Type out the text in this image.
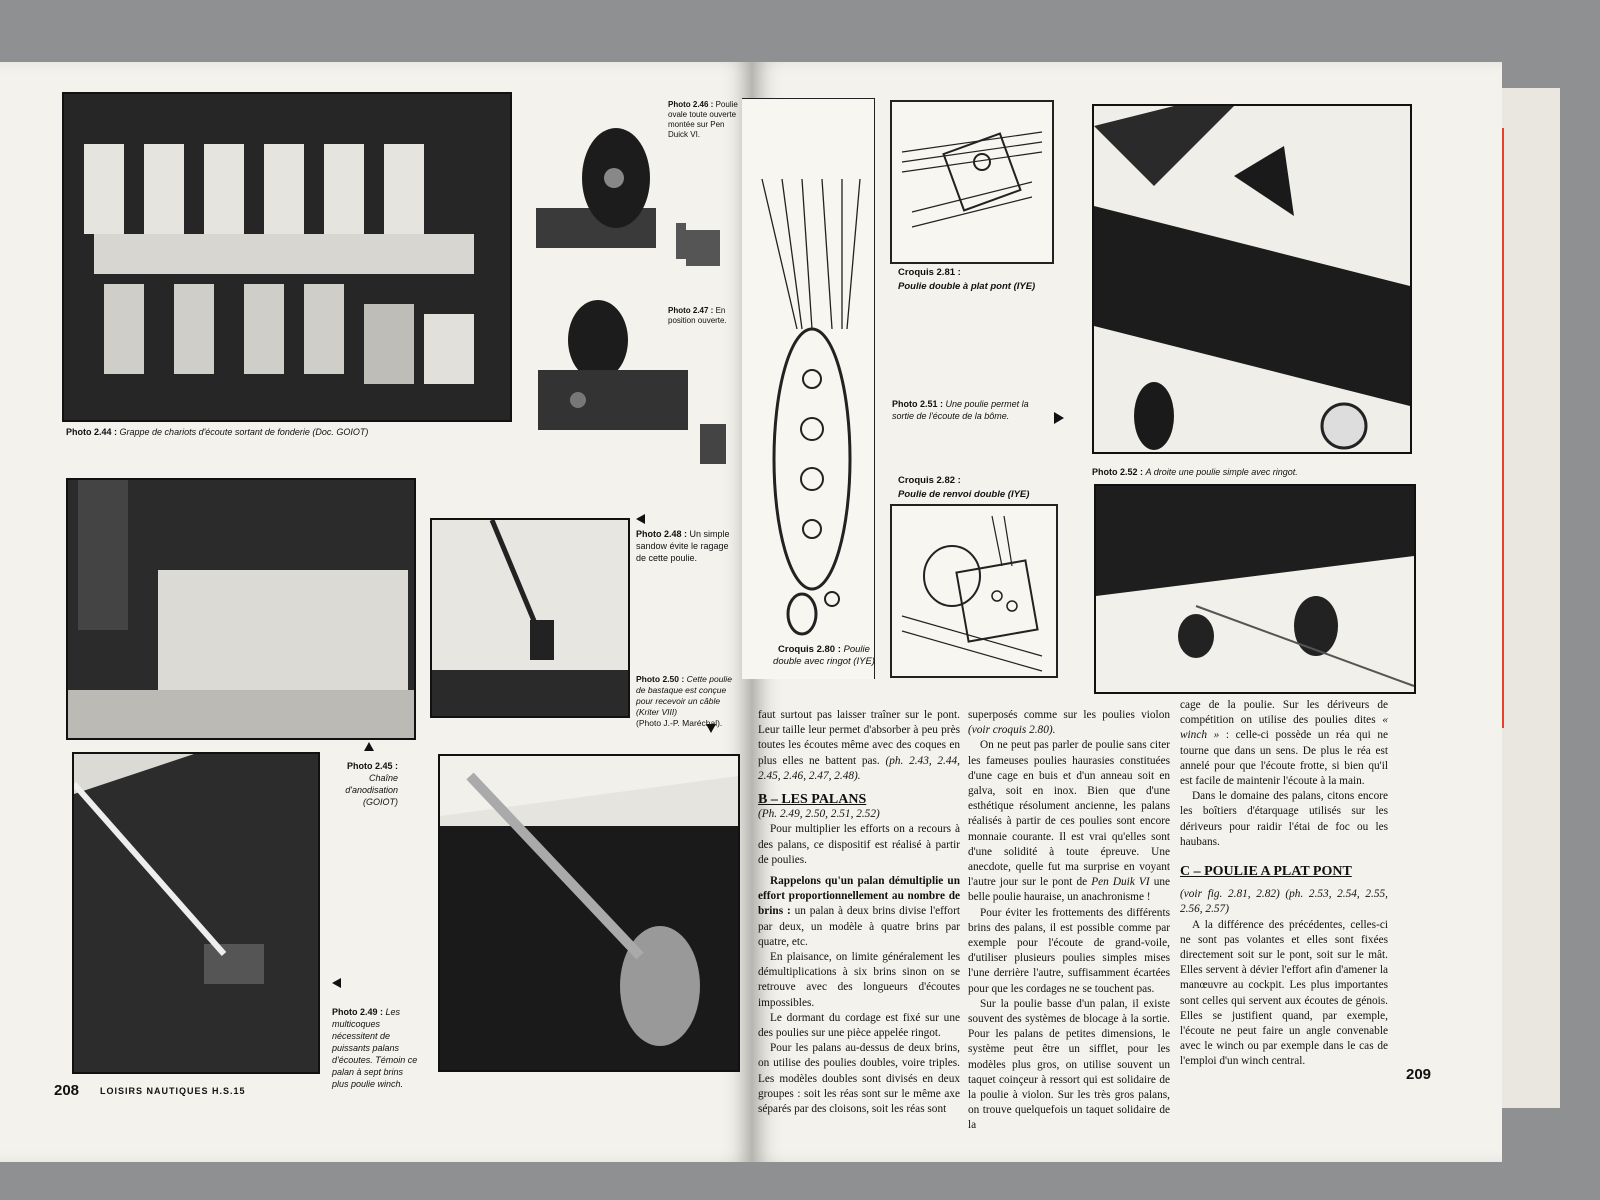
Photo 2.44 : Grappe de chariots d'écoute sortant de fonderie (Doc. GOIOT)
Photo 2.46 : Poulie ovale toute ouverte montée sur Pen Duick VI.
Photo 2.47 : En position ouverte.
Photo 2.45 :
Chaîne d'anodisation (GOIOT)
Photo 2.48 : Un simple sandow évite le ragage de cette poulie.
Photo 2.50 : Cette poulie de bastaque est conçue pour recevoir un câble (Kriter VIII)
(Photo J.-P. Maréchal).
Photo 2.49 : Les multicoques nécessitent de puissants palans d'écoutes. Témoin ce palan à sept brins plus poulie winch.
208 LOISIRS NAUTIQUES H.S.15
Croquis 2.80 : Poulie double avec ringot (IYE)
Croquis 2.81 :
Poulie double à plat pont (IYE)
Photo 2.51 : Une poulie permet la sortie de l'écoute de la bôme.
Croquis 2.82 :
Poulie de renvoi double (IYE)
Photo 2.52 : A droite une poulie simple avec ringot.

faut surtout pas laisser traîner sur le pont. Leur taille leur permet d'absorber à peu près toutes les écoutes même avec des coques en plus elles ne battent pas. (ph. 2.43, 2.44, 2.45, 2.46, 2.47, 2.48).

B – LES PALANS
(Ph. 2.49, 2.50, 2.51, 2.52)

Pour multiplier les efforts on a recours à des palans, ce dispositif est réalisé à partir de poulies.

Rappelons qu'un palan démultiplie un effort proportionnellement au nombre de brins : un palan à deux brins divise l'effort par deux, un modèle à quatre brins par quatre, etc.

En plaisance, on limite généralement les démultiplications à six brins sinon on se retrouve avec des longueurs d'écoutes impossibles.

Le dormant du cordage est fixé sur une des poulies sur une pièce appelée ringot.

Pour les palans au-dessus de deux brins, on utilise des poulies doubles, voire triples. Les modèles doubles sont divisés en deux groupes : soit les réas sont sur le même axe séparés par des cloisons, soit les réas sont

superposés comme sur les poulies violon (voir croquis 2.80).

On ne peut pas parler de poulie sans citer les fameuses poulies haurasies constituées d'une cage en buis et d'un anneau soit en galva, soit en inox. Bien que d'une esthétique résolument ancienne, les palans réalisés à partir de ces poulies sont encore monnaie courante. Il est vrai qu'elles sont d'une solidité à toute épreuve. Une anecdote, quelle fut ma surprise en voyant l'autre jour sur le pont de Pen Duik VI une belle poulie hauraise, un anachronisme !

Pour éviter les frottements des différents brins des palans, il est possible comme par exemple pour l'écoute de grand-voile, d'utiliser plusieurs poulies simples mises l'une derrière l'autre, suffisamment écartées pour que les cordages ne se touchent pas.

Sur la poulie basse d'un palan, il existe souvent des systèmes de blocage à la sortie. Pour les palans de petites dimensions, le système peut être un sifflet, pour les modèles plus gros, on utilise souvent un taquet coinçeur à ressort qui est solidaire de la poulie à violon. Sur les très gros palans, on trouve quelquefois un taquet solidaire de la

cage de la poulie. Sur les dériveurs de compétition on utilise des poulies dites « winch » : celle-ci possède un réa qui ne tourne que dans un sens. De plus le réa est annelé pour que l'écoute frotte, si bien qu'il est facile de maintenir l'écoute à la main.

Dans le domaine des palans, citons encore les boîtiers d'étarquage utilisés sur les dériveurs pour raidir l'étai de foc ou les haubans.

C – POULIE A PLAT PONT
(voir fig. 2.81, 2.82) (ph. 2.53, 2.54, 2.55, 2.56, 2.57)

A la différence des précédentes, celles-ci ne sont pas volantes et elles sont fixées directement soit sur le pont, soit sur le mât. Elles servent à dévier l'effort afin d'amener la manœuvre au cockpit. Les plus importantes sont celles qui servent aux écoutes de génois. Elles se justifient quand, par exemple, l'écoute ne peut faire un angle convenable avec le winch ou par exemple dans le cas de l'emploi d'un winch central.

209
